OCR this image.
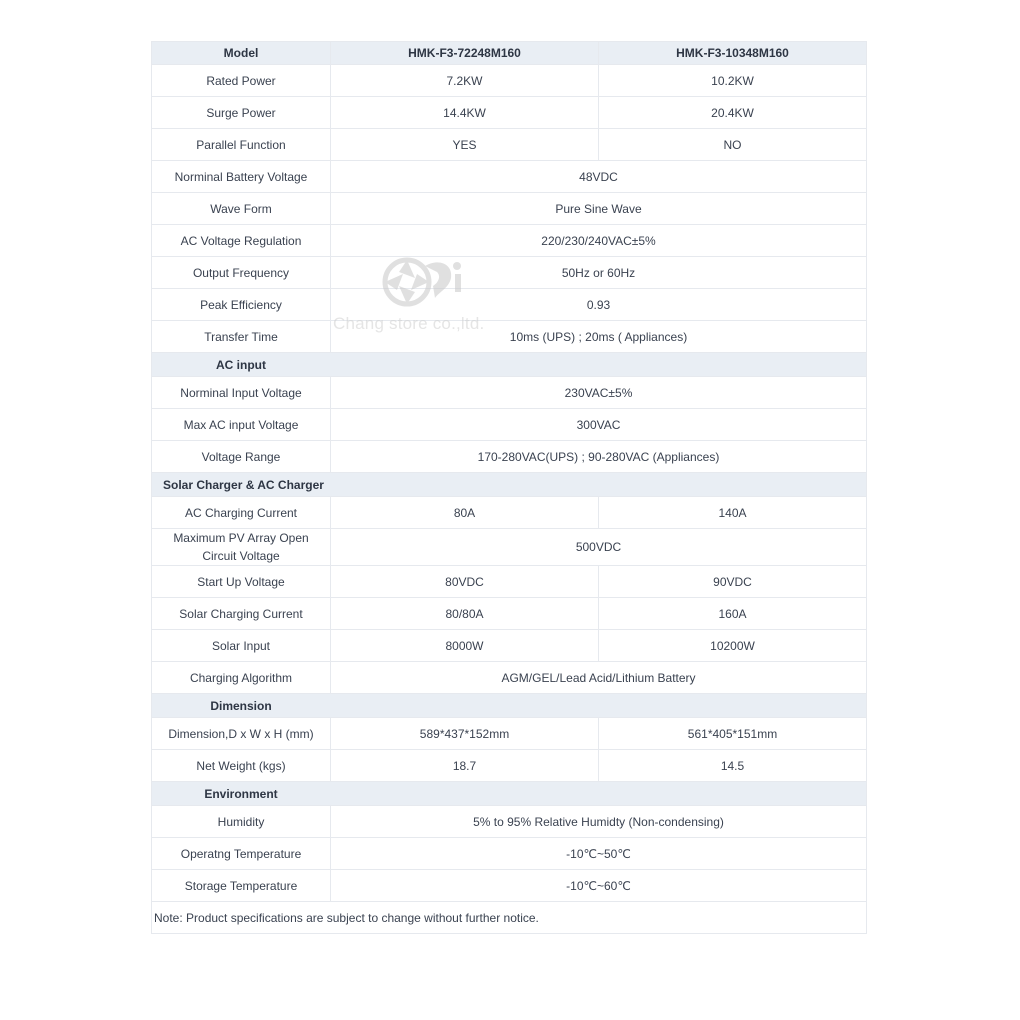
Model	HMK-F3-72248M160	HMK-F3-10348M160
Rated Power	7.2KW	10.2KW
Surge Power	14.4KW	20.4KW
Parallel Function	YES	NO
Norminal Battery Voltage	48VDC	
Wave Form	Pure Sine Wave	
AC Voltage Regulation	220/230/240VAC±5%	
Output Frequency	50Hz or 60Hz	
Peak Efficiency	0.93	
Transfer Time	10ms (UPS) ; 20ms ( Appliances)	
AC input		
Norminal Input Voltage	230VAC±5%	
Max AC input Voltage	300VAC	
Voltage Range	170-280VAC(UPS) ; 90-280VAC (Appliances)	
Solar Charger & AC Charger		
AC Charging Current	80A	140A
Maximum PV Array Open Circuit Voltage	500VDC	
Start Up Voltage	80VDC	90VDC
Solar Charging Current	80/80A	160A
Solar Input	8000W	10200W
Charging Algorithm	AGM/GEL/Lead Acid/Lithium Battery	
Dimension		
Dimension,D x W x H (mm)	589*437*152mm	561*405*151mm
Net Weight (kgs)	18.7	14.5
Environment		
Humidity	5% to 95% Relative Humidty (Non-condensing)	
Operatng Temperature	-10℃~50℃	
Storage Temperature	-10℃~60℃	
Note: Product specifications are subject to change without further notice.		
Chang store co.,ltd.
